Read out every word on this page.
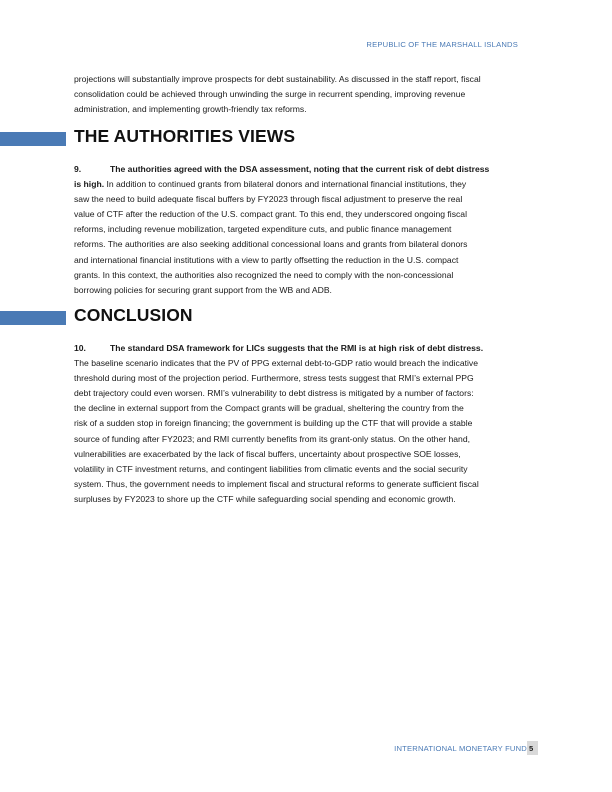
REPUBLIC OF THE MARSHALL ISLANDS

projections will substantially improve prospects for debt sustainability. As discussed in the staff report, fiscal

consolidation could be achieved through unwinding the surge in recurrent spending, improving revenue

administration, and implementing growth-friendly tax reforms.

THE AUTHORITIES VIEWS

9.	The authorities agreed with the DSA assessment, noting that the current risk of debt distress

is high. In addition to continued grants from bilateral donors and international financial institutions, they

saw the need to build adequate fiscal buffers by FY2023 through fiscal adjustment to preserve the real

value of CTF after the reduction of the U.S. compact grant. To this end, they underscored ongoing fiscal

reforms, including revenue mobilization, targeted expenditure cuts, and public finance management

reforms. The authorities are also seeking additional concessional loans and grants from bilateral donors

and international financial institutions with a view to partly offsetting the reduction in the U.S. compact

grants. In this context, the authorities also recognized the need to comply with the non-concessional

borrowing policies for securing grant support from the WB and ADB.

CONCLUSION

10.	The standard DSA framework for LICs suggests that the RMI is at high risk of debt distress.

The baseline scenario indicates that the PV of PPG external debt-to-GDP ratio would breach the indicative

threshold during most of the projection period. Furthermore, stress tests suggest that RMI’s external PPG

debt trajectory could even worsen. RMI’s vulnerability to debt distress is mitigated by a number of factors:

the decline in external support from the Compact grants will be gradual, sheltering the country from the

risk of a sudden stop in foreign financing; the government is building up the CTF that will provide a stable

source of funding after FY2023; and RMI currently benefits from its grant-only status. On the other hand,

vulnerabilities are exacerbated by the lack of fiscal buffers, uncertainty about prospective SOE losses,

volatility in CTF investment returns, and contingent liabilities from climatic events and the social security

system. Thus, the government needs to implement fiscal and structural reforms to generate sufficient fiscal

surpluses by FY2023 to shore up the CTF while safeguarding social spending and economic growth.

INTERNATIONAL MONETARY FUND 5
